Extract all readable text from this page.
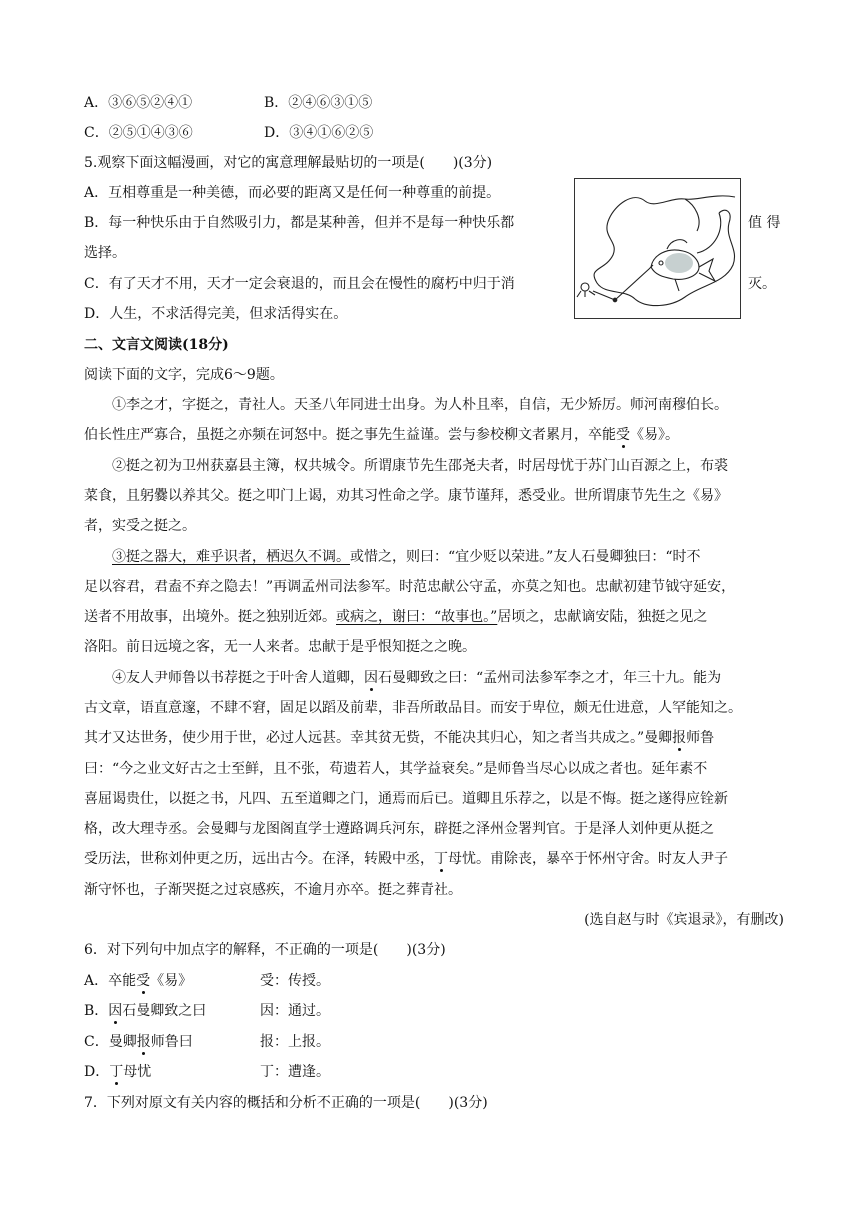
A．③⑥⑤②④①	B．②④⑥③①⑤
C．②⑤①④③⑥	D．③④①⑥②⑤
5.观察下面这幅漫画，对它的寓意理解最贴切的一项是(　　)(3分)
A．互相尊重是一种美德，而必要的距离又是任何一种尊重的前提。
B．每一种快乐由于自然吸引力，都是某种善，但并不是每一种快乐都	值 得
选择。
C．有了天才不用，天才一定会衰退的，而且会在慢性的腐朽中归于消	灭。
D．人生，不求活得完美，但求活得实在。
二、文言文阅读(18分)
阅读下面的文字，完成6～9题。
①李之才，字挺之，青社人。天圣八年同进士出身。为人朴且率，自信，无少矫厉。师河南穆伯长。
伯长性庄严寡合，虽挺之亦频在诃怒中。挺之事先生益谨。尝与参校柳文者累月，卒能受《易》。
②挺之初为卫州获嘉县主簿，权共城令。所谓康节先生邵尧夫者，时居母忧于苏门山百源之上，布裘
菜食，且躬爨以养其父。挺之叩门上谒，劝其习性命之学。康节谨拜，悉受业。世所谓康节先生之《易》
者，实受之挺之。
③挺之器大，难乎识者，栖迟久不调。或惜之，则曰：“宜少贬以荣进。”友人石曼卿独曰：“时不
足以容君，君盍不弃之隐去！”再调孟州司法参军。时范忠献公守孟，亦莫之知也。忠献初建节钺守延安，
送者不用故事，出境外。挺之独别近郊。或病之，谢曰：“故事也。”居顷之，忠献谪安陆，独挺之见之
洛阳。前日远境之客，无一人来者。忠献于是乎恨知挺之之晚。
④友人尹师鲁以书荐挺之于叶舍人道卿，因石曼卿致之曰：“孟州司法参军李之才，年三十九。能为
古文章，语直意邃，不肆不窘，固足以蹈及前辈，非吾所敢品目。而安于卑位，颇无仕进意，人罕能知之。
其才又达世务，使少用于世，必过人远甚。幸其贫无赀，不能决其归心，知之者当共成之。”曼卿报师鲁
曰：“今之业文好古之士至鲜，且不张，苟遗若人，其学益衰矣。”是师鲁当尽心以成之者也。延年素不
喜屈谒贵仕，以挺之书，凡四、五至道卿之门，通焉而后已。道卿且乐荐之，以是不悔。挺之遂得应铨新
格，改大理寺丞。会曼卿与龙图阁直学士遵路调兵河东，辟挺之泽州佥署判官。于是泽人刘仲更从挺之
受历法，世称刘仲更之历，远出古今。在泽，转殿中丞，丁母忧。甫除丧，暴卒于怀州守舍。时友人尹子
渐守怀也，子渐哭挺之过哀感疾，不逾月亦卒。挺之葬青社。
(选自赵与时《宾退录》，有删改)
6．对下列句中加点字的解释，不正确的一项是(　　)(3分)
A．卒能受《易》	受：传授。
B．因石曼卿致之曰	因：通过。
C．曼卿报师鲁曰	报：上报。
D．丁母忧	丁：遭逢。
7．下列对原文有关内容的概括和分析不正确的一项是(　　)(3分)
